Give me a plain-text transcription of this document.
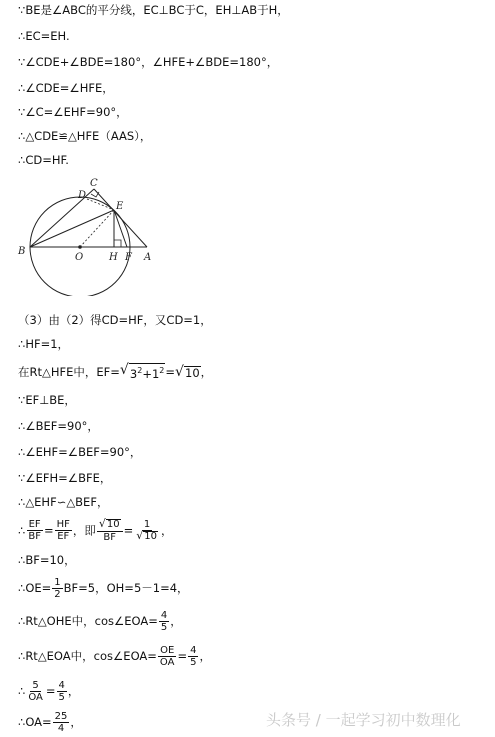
∵BE是∠ABC的平分线，EC⊥BC于C，EH⊥AB于H，
∴EC=EH.
∵∠CDE+∠BDE=180°，∠HFE+∠BDE=180°，
∴∠CDE=∠HFE，
∵∠C=∠EHF=90°，
∴△CDE≌△HFE（AAS），
∴CD=HF.
B
O	H F A
D
C
E
（3）由（2）得CD=HF，又CD=1，
∴HF=1，
在Rt△HFE中，EF= √ $3^2+1^2=$ √ 10，
∵EF⊥BE，
∴∠BEF=90°，
∴∠EHF=∠BEF=90°，
∵∠EFH=∠BFE，
∴△EHF∽△BEF，
∴ $\frac{EF}{BF} = \frac{HF}{EF}$ ，即 $\frac{√ 10}{BF} = \frac{1}{√ 10}$ ，
∴BF=10，
∴OE= $\frac{1}{2} BF=5$，OH=5－1=4，
∴Rt△OHE中，cos∠EOA= $\frac{4}{5}$ ，
∴Rt△EOA中，cos∠EOA= $\frac{OE}{OA} = \frac{4}{5}$ ，
∴ $\frac{5}{OA} = \frac{4}{5}$ ，
∴OA= $\frac{25}{4}$ ，	头条号 / 一起学习初中数理化
